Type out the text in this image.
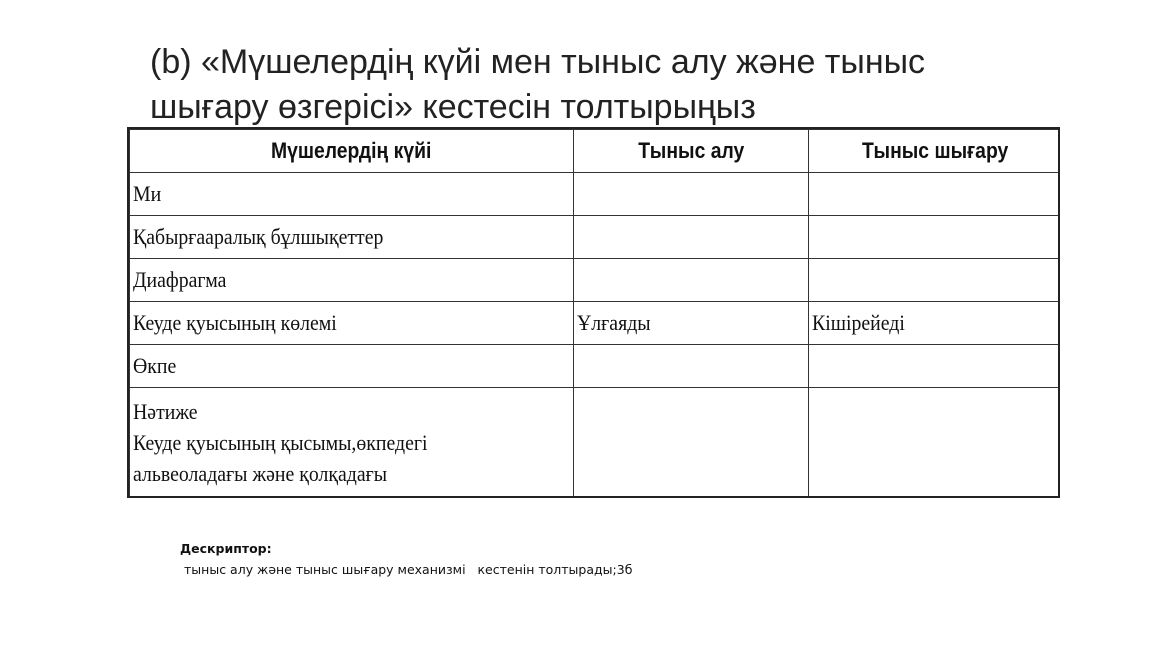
(b) «Мүшелердің күйі мен тыныс алу және тыныс
шығару өзгерісі» кестесін толтырыңыз
Мүшелердің күйі	Тыныс алу	Тыныс шығару
Ми		
Қабырғааралық бұлшықеттер		
Диафрагма		
Кеуде қуысының көлемі	Ұлғаяды	Кішірейеді
Өкпе		

Нәтиже
Кеуде қуысының қысымы,өкпедегі
альвеоладағы және қолқадағы		

Дескриптор:
тыныс алу және тыныс шығару механизмі   кестенін толтырады;3б
